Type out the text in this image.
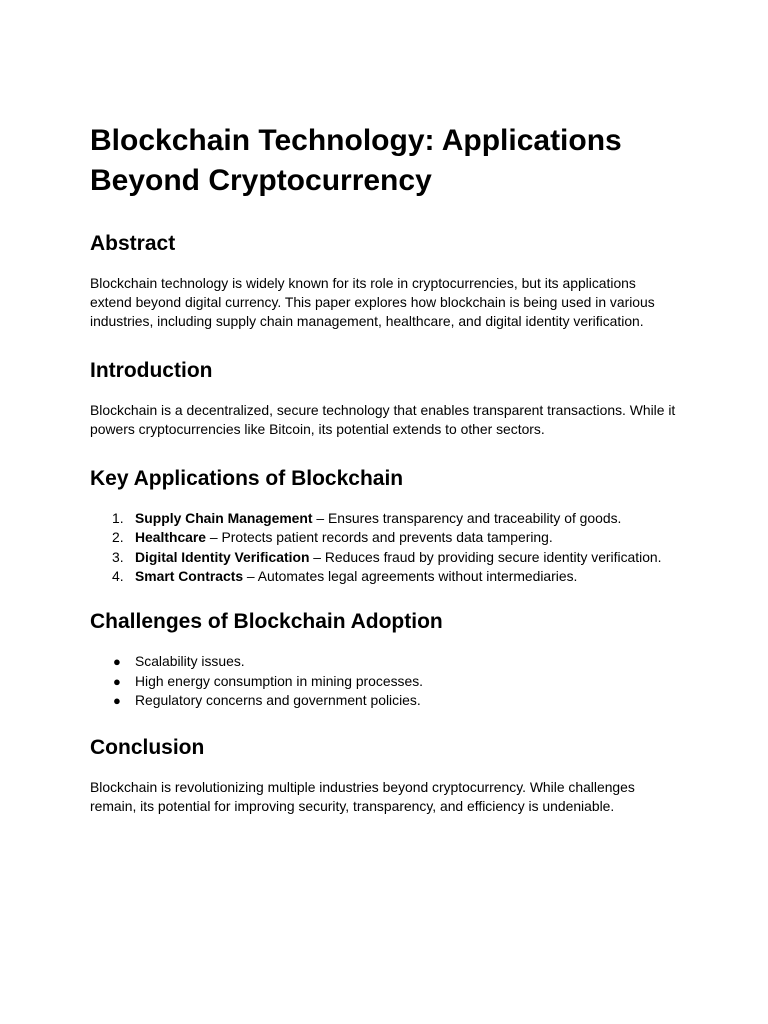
Blockchain Technology: Applications Beyond Cryptocurrency
Abstract

Blockchain technology is widely known for its role in cryptocurrencies, but its applications extend beyond digital currency. This paper explores how blockchain is being used in various industries, including supply chain management, healthcare, and digital identity verification.

Introduction

Blockchain is a decentralized, secure technology that enables transparent transactions. While it powers cryptocurrencies like Bitcoin, its potential extends to other sectors.

Key Applications of Blockchain
1. Supply Chain Management – Ensures transparency and traceability of goods.
2. Healthcare – Protects patient records and prevents data tampering.
3. Digital Identity Verification – Reduces fraud by providing secure identity verification.
4. Smart Contracts – Automates legal agreements without intermediaries.
Challenges of Blockchain Adoption
● Scalability issues.
● High energy consumption in mining processes.
● Regulatory concerns and government policies.
Conclusion

Blockchain is revolutionizing multiple industries beyond cryptocurrency. While challenges remain, its potential for improving security, transparency, and efficiency is undeniable.
